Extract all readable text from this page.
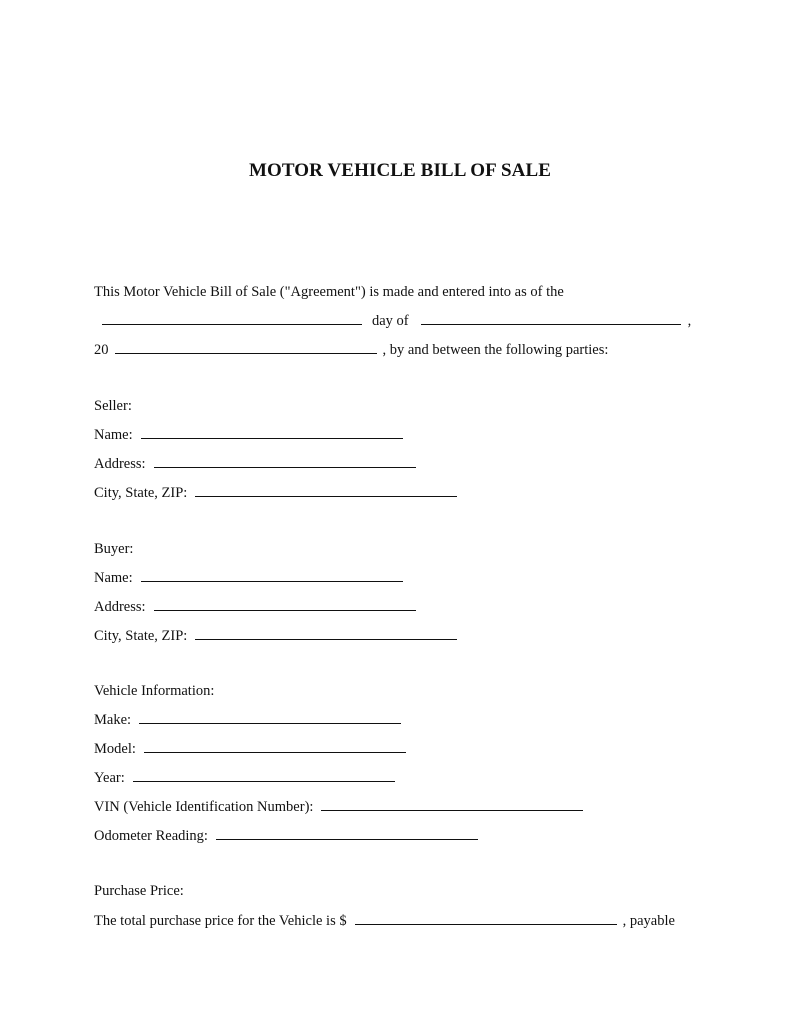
MOTOR VEHICLE BILL OF SALE
This Motor Vehicle Bill of Sale ("Agreement") is made and entered into as of the
day of	,
20	, by and between the following parties:
Seller:
Name:
Address:
City, State, ZIP:
Buyer:
Name:
Address:
City, State, ZIP:
Vehicle Information:
Make:
Model:
Year:
VIN (Vehicle Identification Number):
Odometer Reading:
Purchase Price:
The total purchase price for the Vehicle is $	, payable
